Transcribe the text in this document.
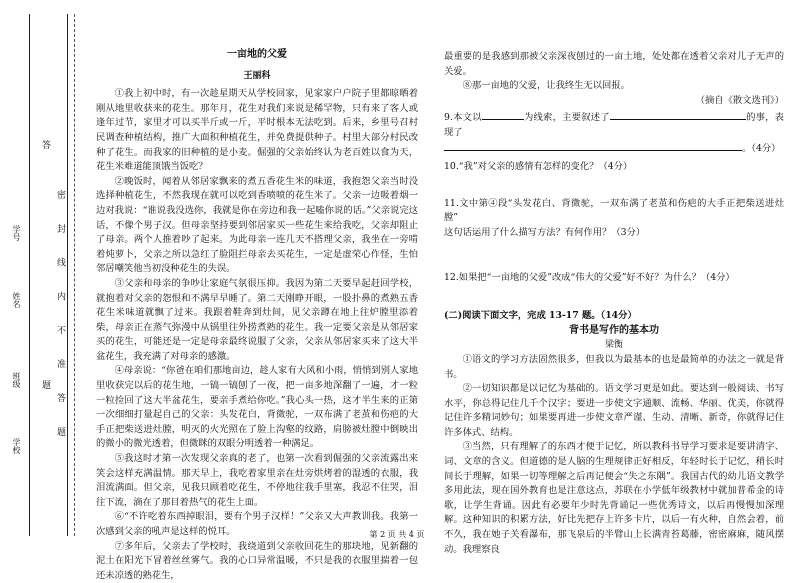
学号
姓名
班级
学校
答
题 密 封 线 内 不 准 答 题
一亩地的父爱
王丽科

①我上初中时，有一次趁星期天从学校回家，见家家户户院子里都晾晒着刚从地里收获来的花生。那年月，花生对我们来说是稀罕物，只有来了客人或逢年过节，家里才可以买半斤或一斤，平时根本无法吃到。后来，乡里号召村民调查种植结构，推广大面积种植花生，并免费提供种子。村里大部分村民改种了花生。而我家的旧种植的是小麦。倔强的父亲始终认为老百姓以食为天，花生米难道能顶饿当饭吃？

②晚饭时，闻着从邻居家飘来的煮五香花生米的味道，我抱怨父亲当时没选择种植花生，不然我现在就可以吃到香喷喷的花生米了。父亲一边吸着烟一边对我说：“谁说我没选你，我就是你在旁边和我一起嗑你说的话。”父亲说完这话，不像个男子汉。但母亲坚持要到邻居家买一些花生来给我吃，父亲却阻止了母亲。两个人推着吵了起来。为此母亲一连几天不搭理父亲，我坐在一旁啃着炖萝卜，父亲之所以急红了脸阻拦母亲去买花生，一定是虚荣心作怪，生怕邻居嘲笑他当初没种花生的失误。

③父亲和母亲的争吵让家庭气氛很压抑。我因为第二天要早起赶回学校，就抱着对父亲的怨恨和不满早早睡了。第二天刚睁开眼，一股扑鼻的煮熟五香花生米味道就飘了过来。我跟着鞋奔到灶间，见父亲蹲在地上往炉膛里添着柴，母亲正在蒸气弥漫中从锅里往外捞煮熟的花生。我一定要父亲是从邻居家买的花生，可能还是一定是母亲最终说服了父亲，父亲从邻居家买来了这大半盆花生，我充满了对母亲的感激。

④母亲说：“你爸在咱们那地亩边，趁人家有大风和小雨，悄悄到别人家地里收获完以后的花生地，一镐一镐刨了一夜，把一亩多地深翻了一遍，才一粒一粒捡回了这大半盆花生，要亲手煮给你吃。”我心头一热，这才半生来的正第一次细细打量起自己的父亲：头发花白，背微驼，一双布满了老茧和伤疤的大手正把柴送进灶膛，明灭的火光照在了脸上沟壑的纹路，肩膀被灶膛中倒映出的微小的微光透着，但微眯的双眼分明透着一种满足。

⑤我这时才第一次发现父亲真的老了，也第一次看到倔强的父亲流露出来笑会这样充满温情。那天早上，我吃着家里亲在灶旁烘烤着的湿透的衣服，我泪流满面。但父亲，见我只顾着吃花生，不停地往我手里塞，我忍不住哭，泪往下流，滴在了那目着热气的花生上面。

⑥“不许吃着东西掉眼泪，要有个男子汉样！”父亲又大声教训我。我第一次感到父亲的吼声是这样的悦耳。

⑦多年后，父亲去了学校时，我绕道到父亲收回花生的那块地，见新翻的泥土在阳光下冒着丝丝雾气。我的心口异常温暖，不只是我的衣服里揣着一包还未凉透的熟花生，

最重要的是我感到那被父亲深夜刨过的一亩土地，处处都在透着父亲对儿子无声的关爱。

⑧那一亩地的父爱，让我终生无以回报。

（摘自《散文选刊》）

9.本文以	为线索，主要叙述了	的事，表现了
。（4分）

10.“我”对父亲的感情有怎样的变化？（4分）

11.文中第④段“头发花白、背微驼，一双布满了老茧和伤疤的大手正把柴送进灶膛”

这句话运用了什么描写方法？有何作用？（3分）

12.如果把“一亩地的父爱”改成“伟大的父爱”好不好？为什么？（4分）

(二)阅读下面文字，完成 13-17 题。（14分）

背书是写作的基本功
梁衡

①语文的学习方法固然很多，但我以为最基本的也是最简单的办法之一就是背书。

②一切知识都是以记忆为基础的。语文学习更是如此。要达到一般阅读、书写水平，你总得记住几千个汉字；要进一步使文字通顺、流畅、华丽、优美，你就得记住许多精词妙句；如果要再进一步使文章严谨、生动、清晰、新奇，你就得记住许多体式、结构。

③当然，只有理解了的东西才便于记忆，所以教科书导学习要求是要讲清字、词、文章的含义。但道德的是人脑的生理规律正好相反，年轻时长于记忆，稍长时间长于理解，如果一切等理解之后再记便会“失之东隅”。我国古代的幼儿语文教学多用此法，现在国外教育也是注意这点，苏联在小学低年级教材中就加普希金的诗歌，让学生背诵。因此有必要年少时先背诵记一些优秀诗文，以后再慢慢加深理解。这种知识的积累方法，好比先把存上许多卡片，以后一有火种，自然会着，前不久，我在她子关看瀑布，那飞泉后的半臂山上长满青苔葛藤，密密麻麻，随风摆动。我理察良

第 2 页 共 4 页
